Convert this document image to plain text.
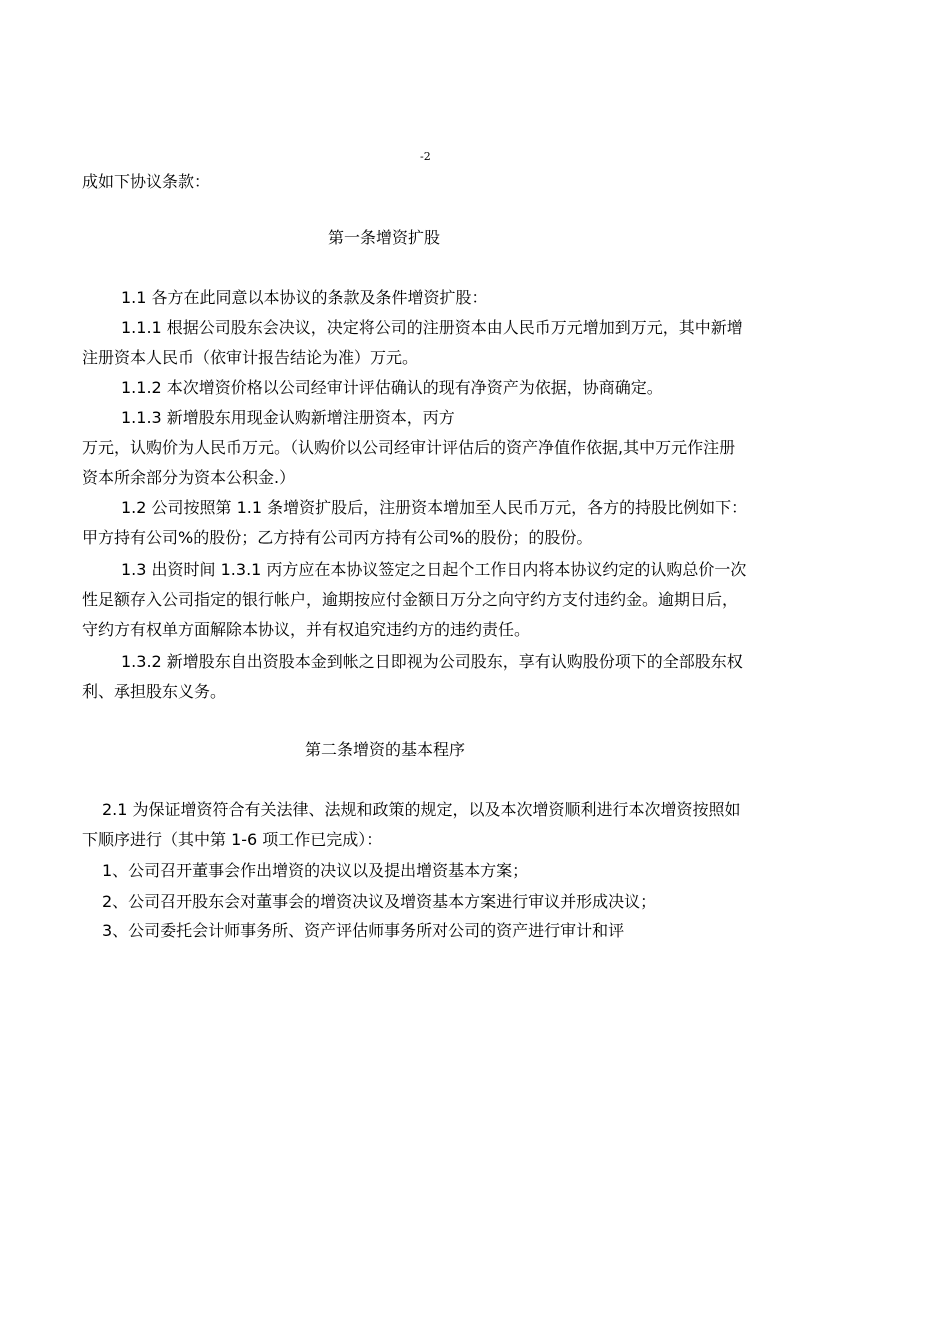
-2
成如下协议条款：
第一条增资扩股
1.1 各方在此同意以本协议的条款及条件增资扩股：
1.1.1 根据公司股东会决议，决定将公司的注册资本由人民币万元增加到万元，其中新增
注册资本人民币（依审计报告结论为准）万元。
1.1.2 本次增资价格以公司经审计评估确认的现有净资产为依据，协商确定。
1.1.3 新增股东用现金认购新增注册资本，丙方
万元，认购价为人民币万元。（认购价以公司经审计评估后的资产净值作依据,其中万元作注册
资本所余部分为资本公积金.）
1.2 公司按照第 1.1 条增资扩股后，注册资本增加至人民币万元，各方的持股比例如下：
甲方持有公司%的股份；乙方持有公司丙方持有公司%的股份；的股份。
1.3 出资时间 1.3.1 丙方应在本协议签定之日起个工作日内将本协议约定的认购总价一次
性足额存入公司指定的银行帐户，逾期按应付金额日万分之向守约方支付违约金。逾期日后，
守约方有权单方面解除本协议，并有权追究违约方的违约责任。
1.3.2 新增股东自出资股本金到帐之日即视为公司股东，享有认购股份项下的全部股东权
利、承担股东义务。
第二条增资的基本程序
2.1 为保证增资符合有关法律、法规和政策的规定，以及本次增资顺利进行本次增资按照如
下顺序进行（其中第 1-6 项工作已完成）：
1、公司召开董事会作出增资的决议以及提出增资基本方案；
2、公司召开股东会对董事会的增资决议及增资基本方案进行审议并形成决议；
3、公司委托会计师事务所、资产评估师事务所对公司的资产进行审计和评
